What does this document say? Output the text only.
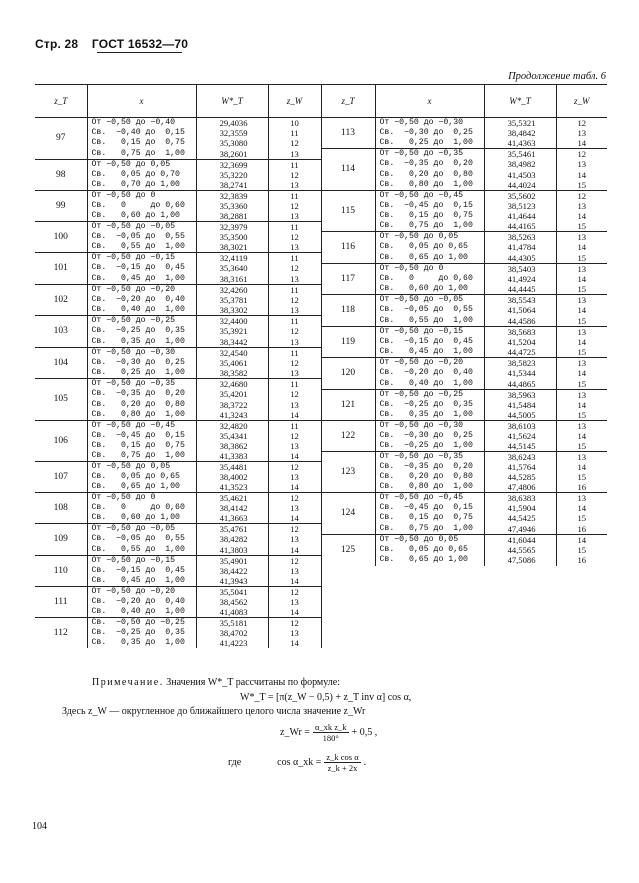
Стр. 28 ГОСТ 16532—70
Продолжение табл. 6
z_T	x	W*_T	z_W	z_T	x	W*_T	z_W
97	От −0,50 до −0,40	29,4036	10	113	От −0,50 до −0,30	35,5321	12
	Св.  −0,40 до  0,15	32,3559	11		Св.  −0,30 до  0,25	38,4842	13
	Св.   0,15 до  0,75	35,3080	12		Св.   0,25 до  1,00	41,4363	14
	Св.   0,75 до  1,00	38,2601	13	114	От −0,50 до −0,35	35,5461	12
98	От −0,50 до 0,05	32,3699	11		Св.  −0,35 до  0,20	38,4982	13
	Св.   0,05 до 0,70	35,3220	12		Св.   0,20 до  0,80	41,4503	14
	Св.   0,70 до 1,00	38,2741	13		Св.   0,80 до  1,00	44,4024	15
99	От −0,50 до 0	32,3839	11	115	От −0,50 до −0,45	35,5602	12
	Св.   0     до 0,60	35,3360	12		Св.  −0,45 до  0,15	38,5123	13
	Св.   0,60 до 1,00	38,2881	13		Св.   0,15 до  0,75	41,4644	14
100	От −0,50 до −0,05	32,3979	11		Св.   0,75 до  1,00	44,4165	15
	Св.  −0,05 до  0,55	35,3500	12	116	От −0,50 до 0,05	38,5263	13
	Св.   0,55 до  1,00	38,3021	13		Св.   0,05 до 0,65	41,4784	14
101	От −0,50 до −0,15	32,4119	11		Св.   0,65 до 1,00	44,4305	15
	Св.  −0,15 до  0,45	35,3640	12	117	От −0,50 до 0	38,5403	13
	Св.   0,45 до  1,00	38,3161	13		Св.   0     до 0,60	41,4924	14
102	От −0,50 до −0,20	32,4260	11		Св.   0,60 до 1,00	44,4445	15
	Св.  −0,20 до  0,40	35,3781	12	118	От −0,50 до −0,05	38,5543	13
	Св.   0,40 до  1,00	38,3302	13		Св.  −0,05 до  0,55	41,5064	14
103	От −0,50 до −0,25	32,4400	11		Св.   0,55 до  1,00	44,4586	15
	Св.  −0,25 до  0,35	35,3921	12	119	От −0,50 до −0,15	38,5683	13
	Св.   0,35 до  1,00	38,3442	13		Св.  −0,15 до  0,45	41,5204	14
104	От −0,50 до −0,30	32,4540	11		Св.   0,45 до  1,00	44,4725	15
	Св.  −0,30 до  0,25	35,4061	12	120	От −0,50 до −0,20	38,5823	13
	Св.   0,25 до  1,00	38,3582	13		Св.  −0,20 до  0,40	41,5344	14
105	От −0,50 до −0,35	32,4680	11		Св.   0,40 до  1,00	44,4865	15
	Св.  −0,35 до  0,20	35,4201	12	121	От −0,50 до −0,25	38,5963	13
	Св.   0,20 до  0,80	38,3722	13		Св.  −0,25 до  0,35	41,5484	14
	Св.   0,80 до  1,00	41,3243	14		Св.   0,35 до  1,00	44,5005	15
106	От −0,50 до −0,45	32,4820	11	122	От −0,50 до −0,30	38,6103	13
	Св.  −0,45 до  0,15	35,4341	12		Св.  −0,30 до  0,25	41,5624	14
	Св.   0,15 до  0,75	38,3862	13		Св.  −0,25 до  1,00	44,5145	15
	Св.   0,75 до  1,00	41,3383	14	123	От −0,50 до −0,35	38,6243	13
107	От −0,50 до 0,05	35,4481	12		Св.  −0,35 до  0,20	41,5764	14
	Св.   0,05 до 0,65	38,4002	13		Св.   0,20 до  0,80	44,5285	15
	Св.   0,65 до 1,00	41,3523	14		Св.   0,80 до  1,00	47,4806	16
108	От −0,50 до 0	35,4621	12	124	От −0,50 до −0,45	38,6383	13
	Св.   0     до 0,60	38,4142	13		Св.  −0,45 до  0,15	41,5904	14
	Св.   0,60 до 1,00	41,3663	14		Св.   0,15 до  0,75	44,5425	15
109	От −0,50 до −0,05	35,4761	12		Св.   0,75 до  1,00	47,4946	16
	Св.  −0,05 до  0,55	38,4282	13	125	От −0,50 до 0,05	41,6044	14
	Св.   0,55 до  1,00	41,3803	14		Св.   0,05 до 0,65	44,5565	15
110	От −0,50 до −0,15	35,4901	12		Св.   0,65 до 1,00	47,5086	16
	Св.  −0,15 до  0,45	38,4422	13				
	Св.   0,45 до  1,00	41,3943	14				
111	От −0,50 до −0,20	35,5041	12				
	Св.  −0,20 до  0,40	38,4562	13				
	Св.   0,40 до  1,00	41,4083	14				
112	Св.  −0,50 до −0,25	35,5181	12				
	Св.  −0,25 до  0,35	38,4702	13				
	Св.   0,35 до  1,00	41,4223	14				
Примечание. Значения W*_T рассчитаны по формуле:
W*_T = [π(z_W − 0,5) + z_T inv α] cos α,
Здесь z_W — округленное до ближайшего целого числа значение z_Wr
z_Wr = $\frac{\text{α\_xk z\_k}}{180^\circ} + 0,5$ ,
где	cos α_xk = $\frac{\text{z\_k cos α}}{z\_k + 2x}$ .
104
